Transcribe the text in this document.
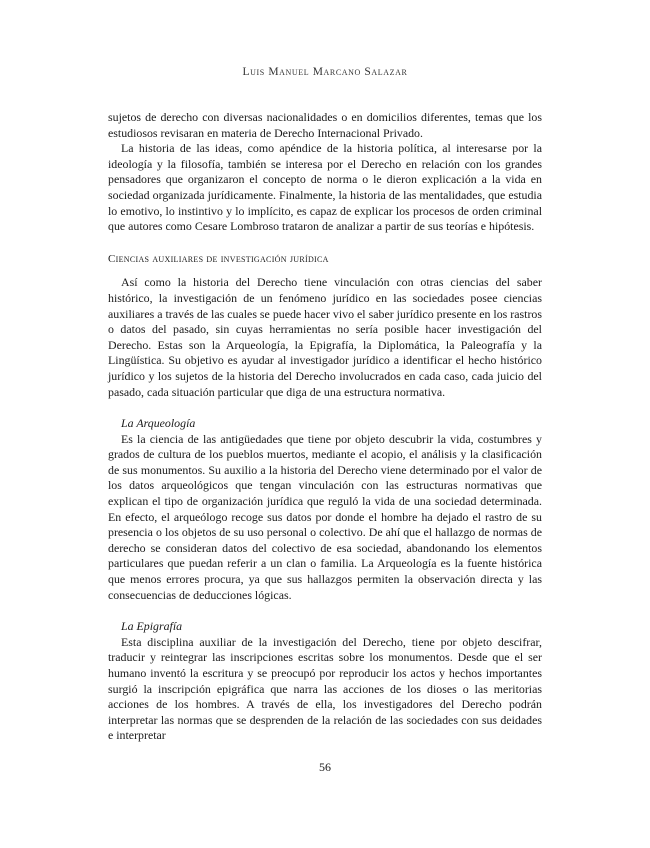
Luis Manuel Marcano Salazar

sujetos de derecho con diversas nacionalidades o en domicilios diferentes, temas que los estudiosos revisaran en materia de Derecho Internacional Privado.

La historia de las ideas, como apéndice de la historia política, al interesarse por la ideología y la filosofía, también se interesa por el Derecho en relación con los grandes pensadores que organizaron el concepto de norma o le dieron explicación a la vida en sociedad organizada jurídicamente. Finalmente, la historia de las mentalidades, que estudia lo emotivo, lo instintivo y lo implícito, es capaz de explicar los procesos de orden criminal que autores como Cesare Lombroso trataron de analizar a partir de sus teorías e hipótesis.

Ciencias auxiliares de investigación jurídica

Así como la historia del Derecho tiene vinculación con otras ciencias del saber histórico, la investigación de un fenómeno jurídico en las sociedades posee ciencias auxiliares a través de las cuales se puede hacer vivo el saber jurídico presente en los rastros o datos del pasado, sin cuyas herramientas no sería posible hacer investigación del Derecho. Estas son la Arqueología, la Epigrafía, la Diplomática, la Paleografía y la Lingüística. Su objetivo es ayudar al investigador jurídico a identificar el hecho histórico jurídico y los sujetos de la historia del Derecho involucrados en cada caso, cada juicio del pasado, cada situación particular que diga de una estructura normativa.

La Arqueología

Es la ciencia de las antigüedades que tiene por objeto descubrir la vida, costumbres y grados de cultura de los pueblos muertos, mediante el acopio, el análisis y la clasificación de sus monumentos. Su auxilio a la historia del Derecho viene determinado por el valor de los datos arqueológicos que tengan vinculación con las estructuras normativas que explican el tipo de organización jurídica que reguló la vida de una sociedad determinada. En efecto, el arqueólogo recoge sus datos por donde el hombre ha dejado el rastro de su presencia o los objetos de su uso personal o colectivo. De ahí que el hallazgo de normas de derecho se consideran datos del colectivo de esa sociedad, abandonando los elementos particulares que puedan referir a un clan o familia. La Arqueología es la fuente histórica que menos errores procura, ya que sus hallazgos permiten la observación directa y las consecuencias de deducciones lógicas.

La Epigrafía

Esta disciplina auxiliar de la investigación del Derecho, tiene por objeto descifrar, traducir y reintegrar las inscripciones escritas sobre los monumentos. Desde que el ser humano inventó la escritura y se preocupó por reproducir los actos y hechos importantes surgió la inscripción epigráfica que narra las acciones de los dioses o las meritorias acciones de los hombres. A través de ella, los investigadores del Derecho podrán interpretar las normas que se desprenden de la relación de las sociedades con sus deidades e interpretar

56
